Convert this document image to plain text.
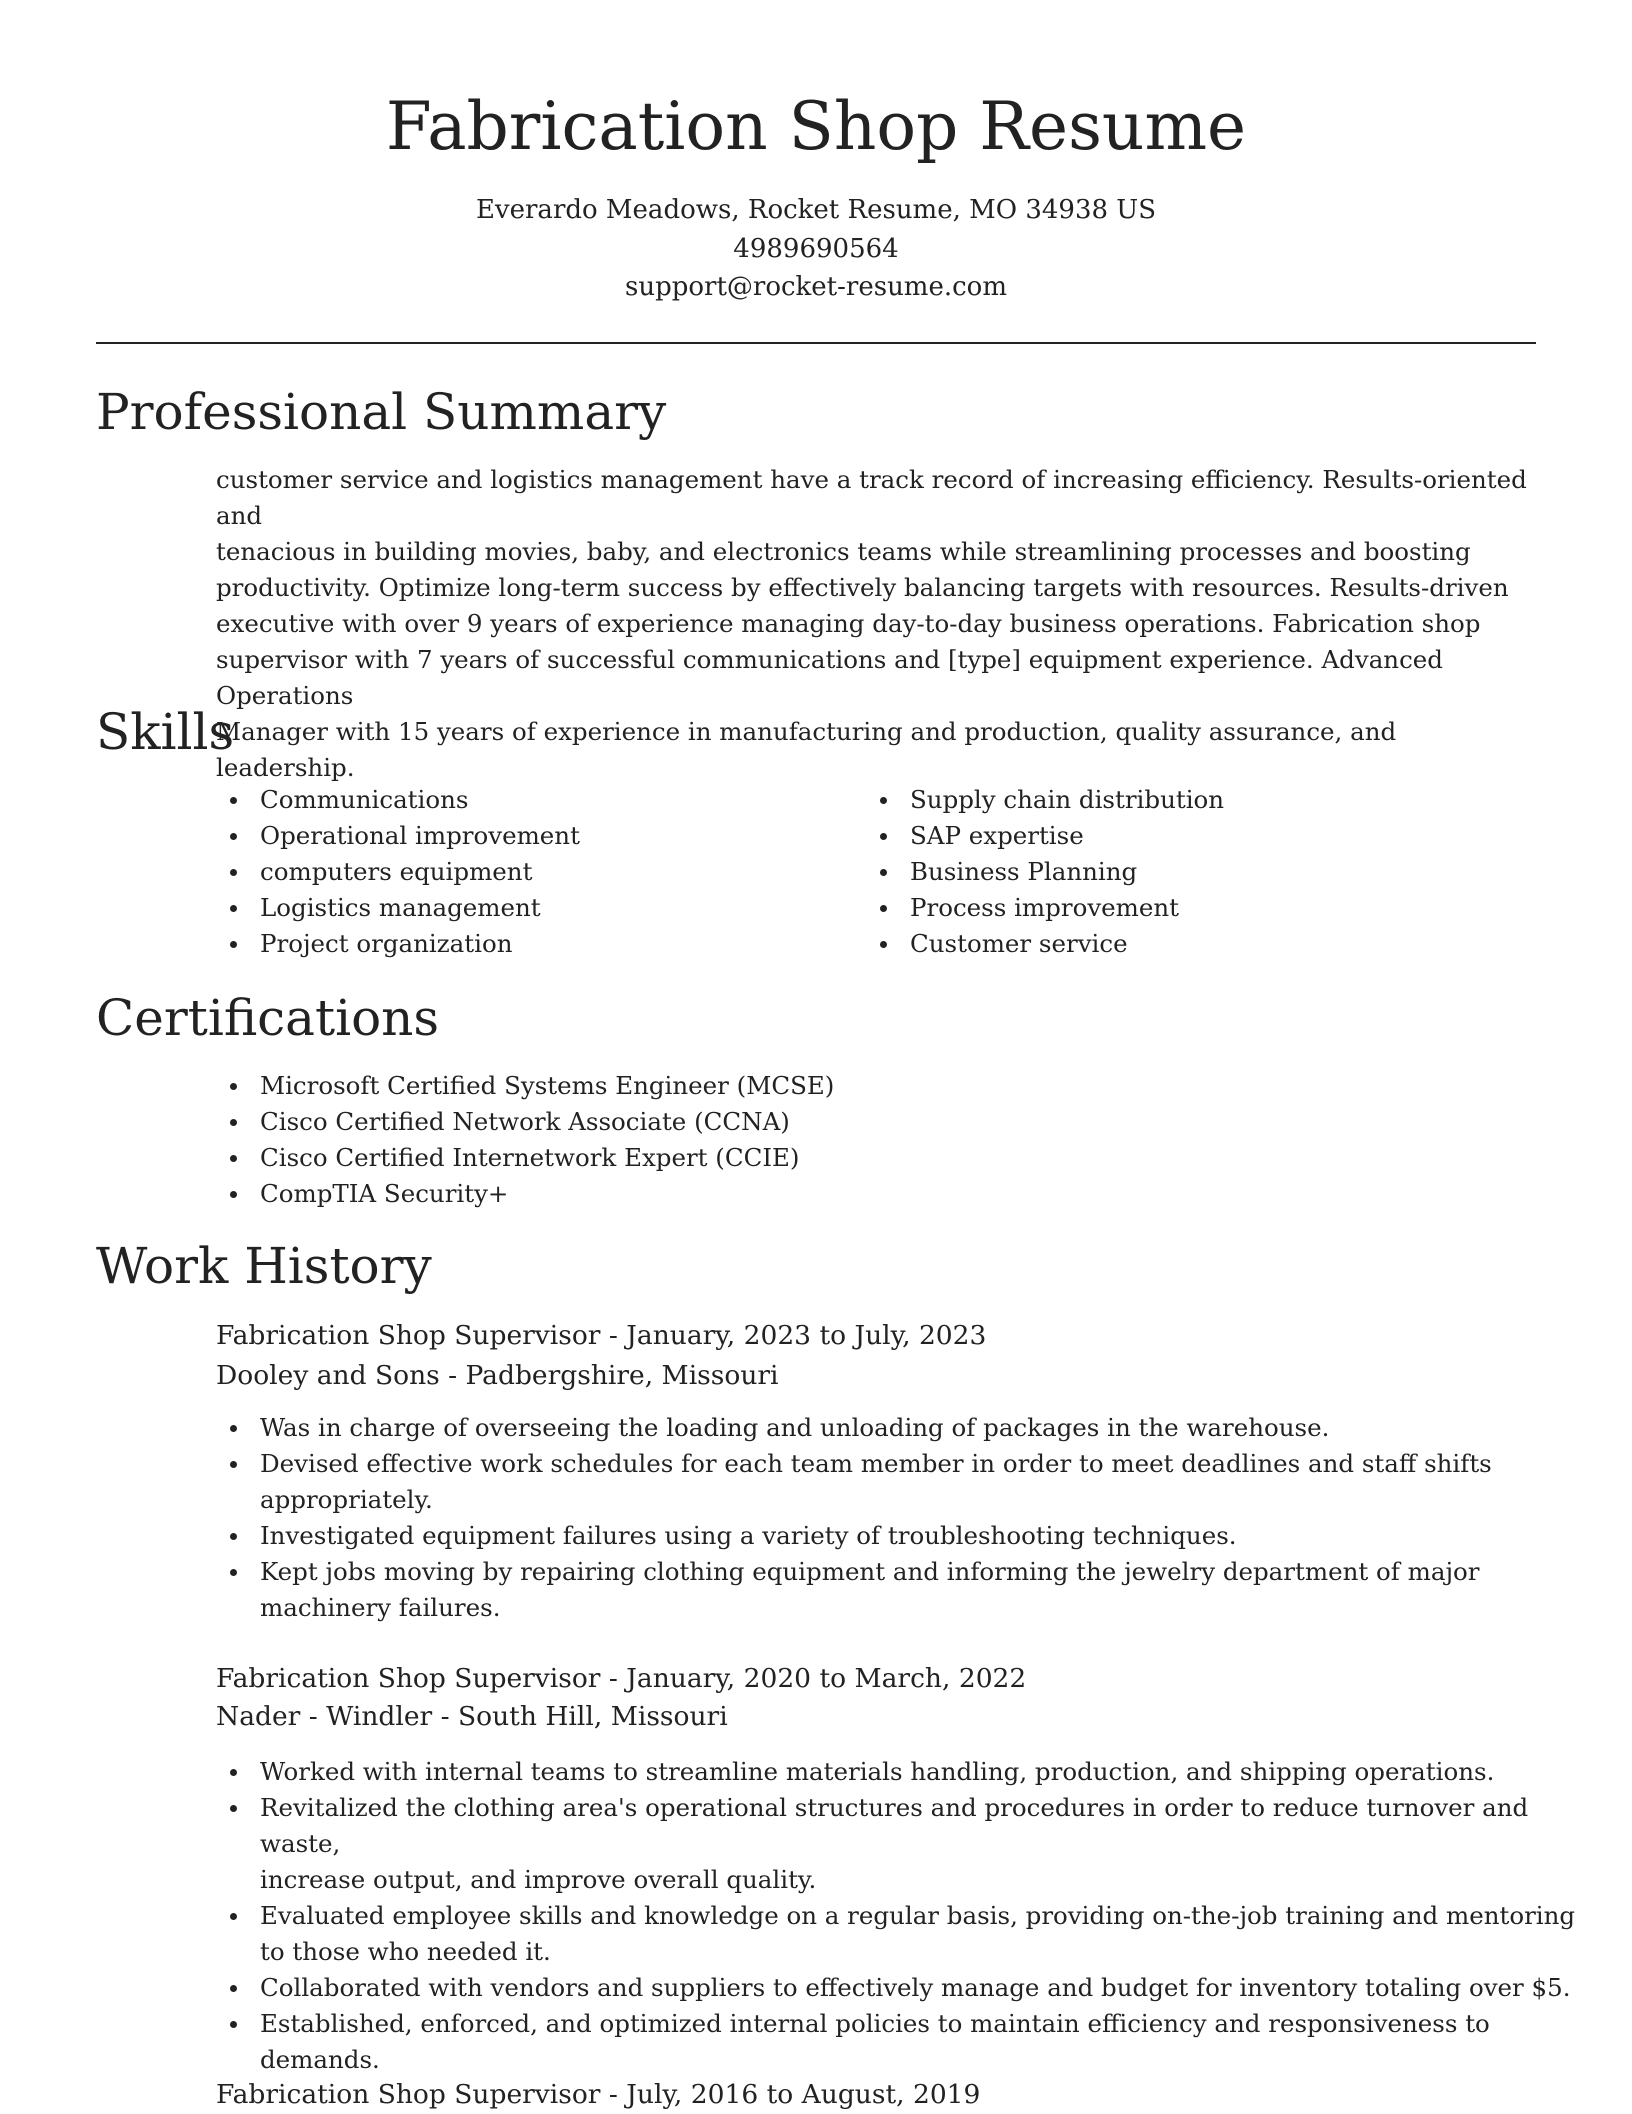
Fabrication Shop Resume
Everardo Meadows, Rocket Resume, MO 34938 US
4989690564
support@rocket-resume.com
Professional Summary
customer service and logistics management have a track record of increasing efficiency. Results-oriented and
tenacious in building movies, baby, and electronics teams while streamlining processes and boosting
productivity. Optimize long-term success by effectively balancing targets with resources. Results-driven
executive with over 9 years of experience managing day-to-day business operations. Fabrication shop
supervisor with 7 years of successful communications and [type] equipment experience. Advanced Operations
Manager with 15 years of experience in manufacturing and production, quality assurance, and leadership.
Skills
Communications
Operational improvement
computers equipment
Logistics management
Project organization
Supply chain distribution
SAP expertise
Business Planning
Process improvement
Customer service
Certifications
Microsoft Certified Systems Engineer (MCSE)
Cisco Certified Network Associate (CCNA)
Cisco Certified Internetwork Expert (CCIE)
CompTIA Security+
Work History
Fabrication Shop Supervisor - January, 2023 to July, 2023
Dooley and Sons - Padbergshire, Missouri
Was in charge of overseeing the loading and unloading of packages in the warehouse.
Devised effective work schedules for each team member in order to meet deadlines and staff shifts
appropriately.
Investigated equipment failures using a variety of troubleshooting techniques.
Kept jobs moving by repairing clothing equipment and informing the jewelry department of major
machinery failures.
Fabrication Shop Supervisor - January, 2020 to March, 2022
Nader - Windler - South Hill, Missouri
Worked with internal teams to streamline materials handling, production, and shipping operations.
Revitalized the clothing area's operational structures and procedures in order to reduce turnover and waste,
increase output, and improve overall quality.
Evaluated employee skills and knowledge on a regular basis, providing on-the-job training and mentoring
to those who needed it.
Collaborated with vendors and suppliers to effectively manage and budget for inventory totaling over $5.
Established, enforced, and optimized internal policies to maintain efficiency and responsiveness to
demands.
Fabrication Shop Supervisor - July, 2016 to August, 2019
